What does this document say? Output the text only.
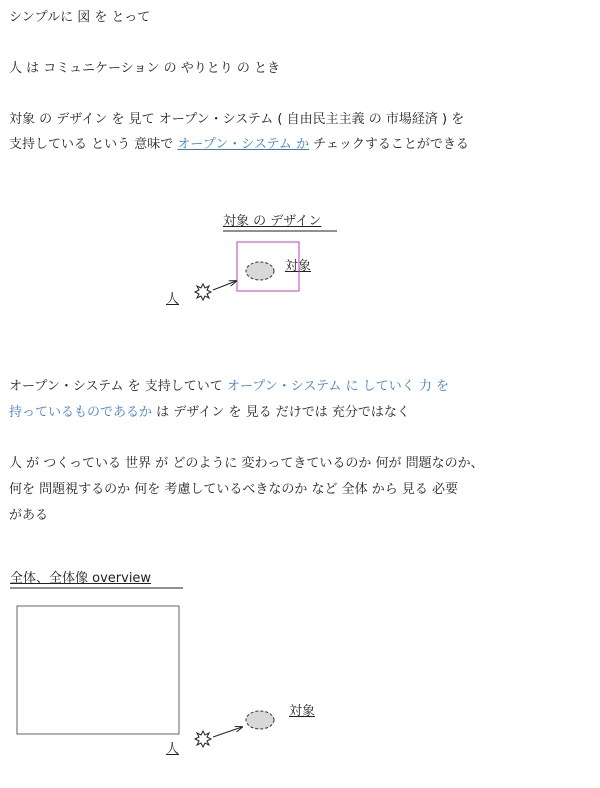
シンプルに 図 を とって
人 は コミュニケーション の やりとり の とき
対象 の デザイン を 見て オープン・システム ( 自由民主主義 の 市場経済 ) を
支持している という 意味で オープン・システム か チェックすることができる
対象 の デザイン
対象
人
オープン・システム を 支持していて オープン・システム に していく 力 を
持っているものであるか は デザイン を 見る だけでは 充分ではなく
人 が つくっている 世界 が どのように 変わってきているのか 何が 問題なのか、
何を 問題視するのか 何を 考慮しているべきなのか など 全体 から 見る 必要
がある
全体、全体像 overview
対象
人
